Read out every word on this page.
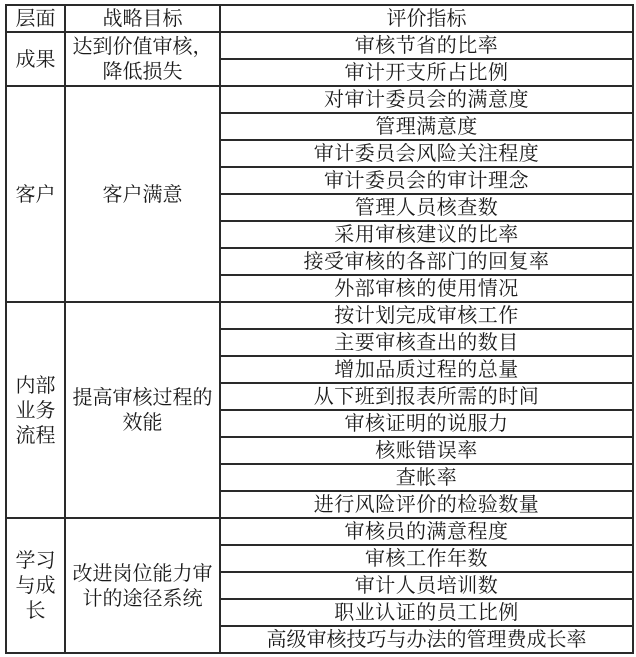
层面	战略目标	评价指标
成果	达到价值审核，降低损失	审核节省的比率
		审计开支所占比例
客户	客户满意	对审计委员会的满意度
		管理满意度
		审计委员会风险关注程度
		审计委员会的审计理念
		管理人员核查数
		采用审核建议的比率
		接受审核的各部门的回复率
		外部审核的使用情况
内部业务流程	提高审核过程的效能	按计划完成审核工作
		主要审核查出的数目
		增加品质过程的总量
		从下班到报表所需的时间
		审核证明的说服力
		核账错误率
		查帐率
		进行风险评价的检验数量
学习与成长	改进岗位能力审计的途径系统	审核员的满意程度
		审核工作年数
		审计人员培训数
		职业认证的员工比例
		高级审核技巧与办法的管理费成长率
